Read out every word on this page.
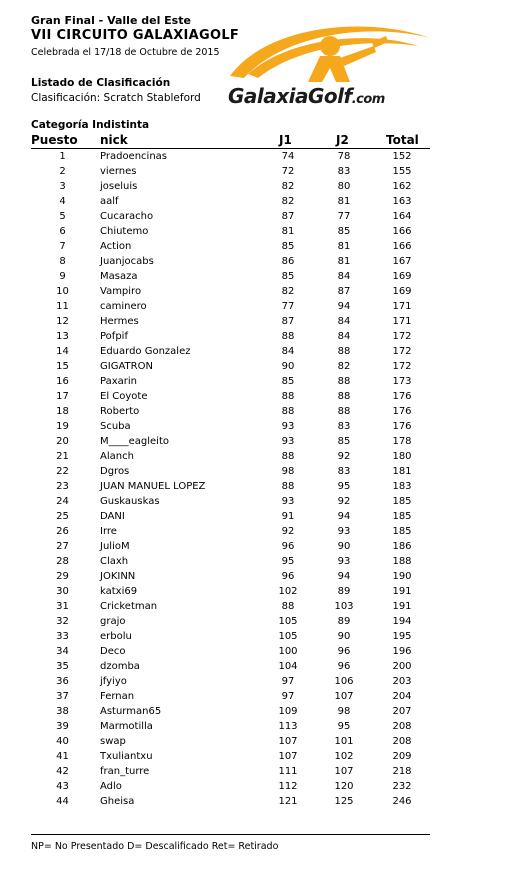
Gran Final - Valle del Este
VII CIRCUITO GALAXIAGOLF
Celebrada el 17/18 de Octubre de 2015
Listado de Clasificación
Clasificación: Scratch Stableford
Categoría Indistinta
GalaxiaGolf.com
Puesto nick	J1	J2	Total
1	Pradoencinas	74	78	152
2	viernes	72	83	155
3	joseluis	82	80	162
4	aalf	82	81	163
5	Cucaracho	87	77	164
6	Chiutemo	81	85	166
7	Action	85	81	166
8	Juanjocabs	86	81	167
9	Masaza	85	84	169
10	Vampiro	82	87	169
11	caminero	77	94	171
12	Hermes	87	84	171
13	Pofpif	88	84	172
14	Eduardo Gonzalez	84	88	172
15	GIGATRON	90	82	172
16	Paxarin	85	88	173
17	El Coyote	88	88	176
18	Roberto	88	88	176
19	Scuba	93	83	176
20	M____eagleito	93	85	178
21	Alanch	88	92	180
22	Dgros	98	83	181
23	JUAN MANUEL LOPEZ	88	95	183
24	Guskauskas	93	92	185
25	DANI	91	94	185
26	Irre	92	93	185
27	JulioM	96	90	186
28	Claxh	95	93	188
29	JOKINN	96	94	190
30	katxi69	102	89	191
31	Cricketman	88	103	191
32	grajo	105	89	194
33	erbolu	105	90	195
34	Deco	100	96	196
35	dzomba	104	96	200
36	jfyiyo	97	106	203
37	Fernan	97	107	204
38	Asturman65	109	98	207
39	Marmotilla	113	95	208
40	swap	107	101	208
41	Txuliantxu	107	102	209
42	fran_turre	111	107	218
43	Adlo	112	120	232
44	Gheisa	121	125	246
NP= No Presentado D= Descalificado Ret= Retirado
